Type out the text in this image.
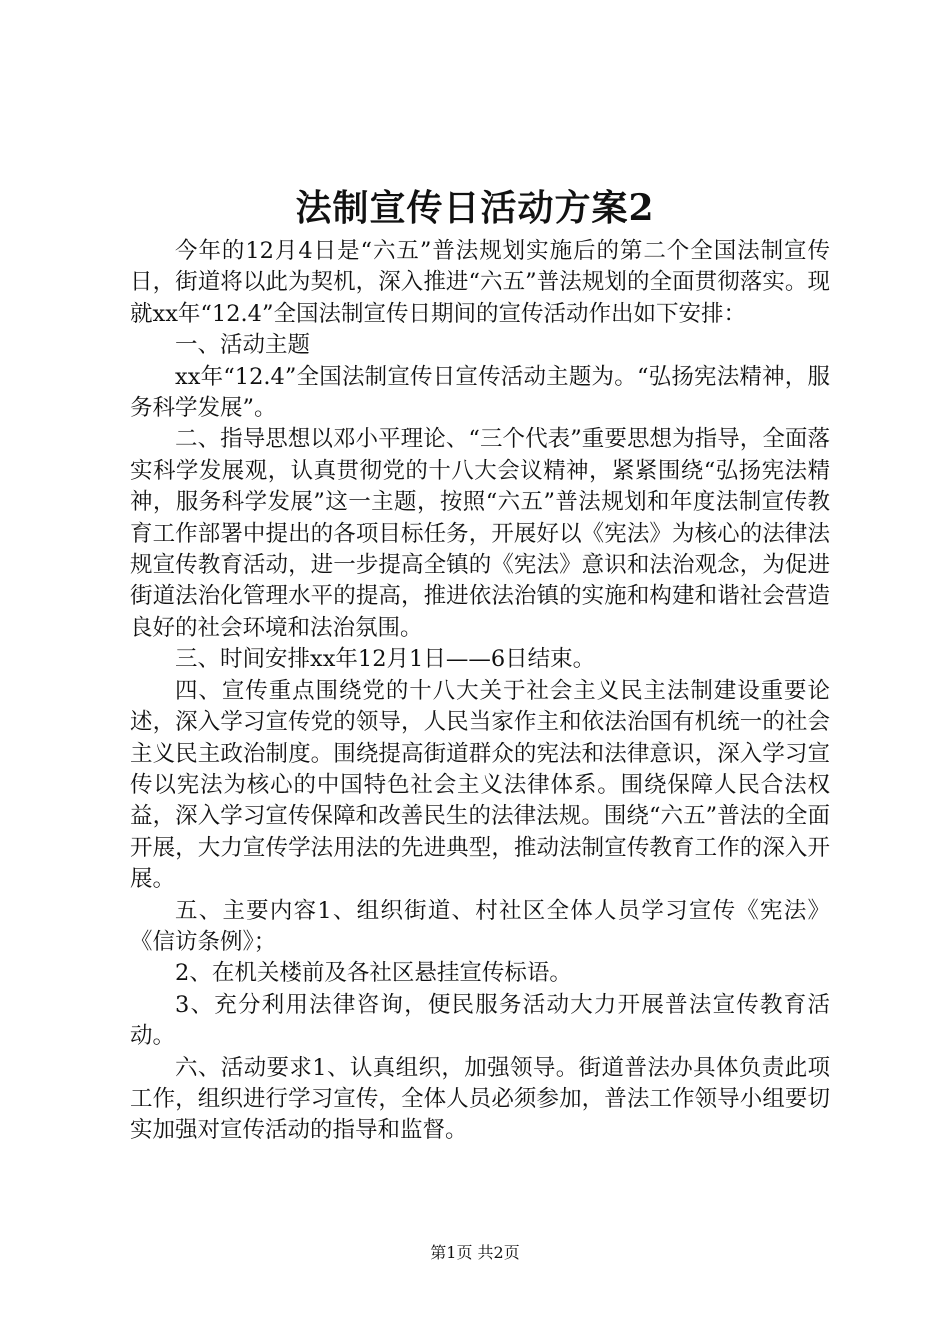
法制宣传日活动方案2

今年的12月4日是“六五”普法规划实施后的第二个全国法制宣传日，街道将以此为契机，深入推进“六五”普法规划的全面贯彻落实。现就xx年“12.4”全国法制宣传日期间的宣传活动作出如下安排：

一、活动主题

xx年“12.4”全国法制宣传日宣传活动主题为。“弘扬宪法精神，服务科学发展”。

二、指导思想以邓小平理论、“三个代表”重要思想为指导，全面落实科学发展观，认真贯彻党的十八大会议精神，紧紧围绕“弘扬宪法精神，服务科学发展”这一主题，按照“六五”普法规划和年度法制宣传教育工作部署中提出的各项目标任务，开展好以《宪法》为核心的法律法规宣传教育活动，进一步提高全镇的《宪法》意识和法治观念，为促进街道法治化管理水平的提高，推进依法治镇的实施和构建和谐社会营造良好的社会环境和法治氛围。

三、时间安排xx年12月1日——6日结束。

四、宣传重点围绕党的十八大关于社会主义民主法制建设重要论述，深入学习宣传党的领导，人民当家作主和依法治国有机统一的社会主义民主政治制度。围绕提高街道群众的宪法和法律意识，深入学习宣传以宪法为核心的中国特色社会主义法律体系。围绕保障人民合法权益，深入学习宣传保障和改善民生的法律法规。围绕“六五”普法的全面开展，大力宣传学法用法的先进典型，推动法制宣传教育工作的深入开展。

五、主要内容1、组织街道、村社区全体人员学习宣传《宪法》《信访条例》；

2、在机关楼前及各社区悬挂宣传标语。

3、充分利用法律咨询，便民服务活动大力开展普法宣传教育活动。

六、活动要求1、认真组织，加强领导。街道普法办具体负责此项工作，组织进行学习宣传，全体人员必须参加，普法工作领导小组要切实加强对宣传活动的指导和监督。

第1页 共2页
